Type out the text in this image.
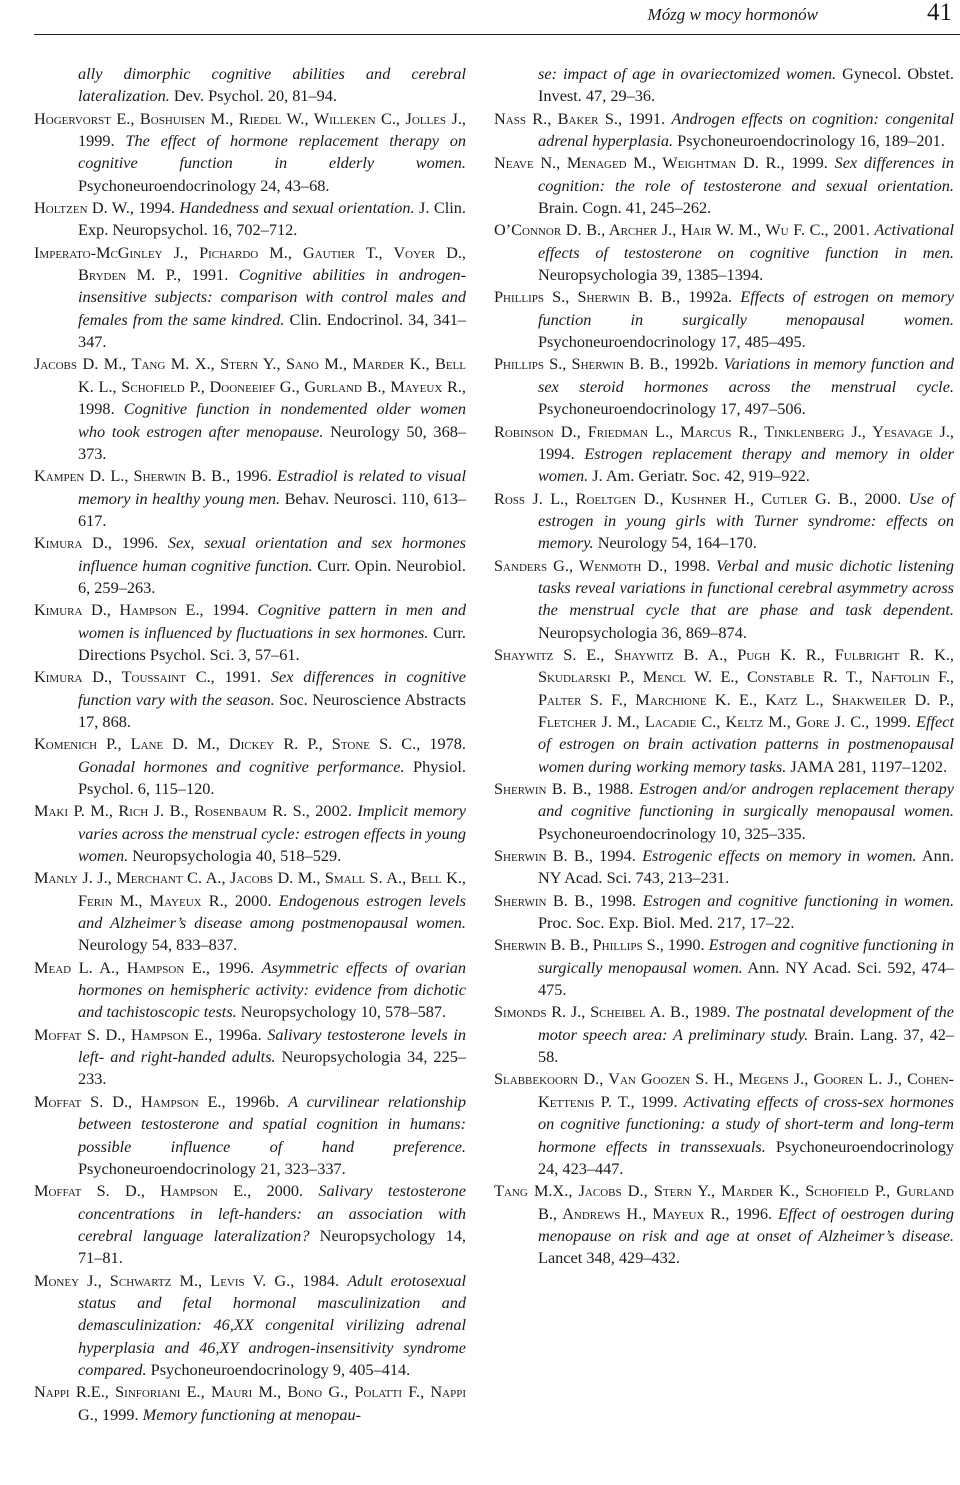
Mózg w mocy hormonów	41

ally dimorphic cognitive abilities and cerebral lateralization. Dev. Psychol. 20, 81–94.

Hogervorst E., Boshuisen M., Riedel W., Willeken C., Jolles J., 1999. The effect of hormone replacement therapy on cognitive function in elderly women. Psychoneuroendocrinology 24, 43–68.

Holtzen D. W., 1994. Handedness and sexual orientation. J. Clin. Exp. Neuropsychol. 16, 702–712.

Imperato-McGinley J., Pichardo M., Gautier T., Voyer D., Bryden M. P., 1991. Cognitive abilities in androgen-insensitive subjects: comparison with control males and females from the same kindred. Clin. Endocrinol. 34, 341–347.

Jacobs D. M., Tang M. X., Stern Y., Sano M., Marder K., Bell K. L., Schofield P., Dooneeief G., Gurland B., Mayeux R., 1998. Cognitive function in nondemented older women who took estrogen after menopause. Neurology 50, 368–373.

Kampen D. L., Sherwin B. B., 1996. Estradiol is related to visual memory in healthy young men. Behav. Neurosci. 110, 613–617.

Kimura D., 1996. Sex, sexual orientation and sex hormones influence human cognitive function. Curr. Opin. Neurobiol. 6, 259–263.

Kimura D., Hampson E., 1994. Cognitive pattern in men and women is influenced by fluctuations in sex hormones. Curr. Directions Psychol. Sci. 3, 57–61.

Kimura D., Toussaint C., 1991. Sex differences in cognitive function vary with the season. Soc. Neuroscience Abstracts 17, 868.

Komenich P., Lane D. M., Dickey R. P., Stone S. C., 1978. Gonadal hormones and cognitive performance. Physiol. Psychol. 6, 115–120.

Maki P. M., Rich J. B., Rosenbaum R. S., 2002. Implicit memory varies across the menstrual cycle: estrogen effects in young women. Neuropsychologia 40, 518–529.

Manly J. J., Merchant C. A., Jacobs D. M., Small S. A., Bell K., Ferin M., Mayeux R., 2000. Endogenous estrogen levels and Alzheimer’s disease among postmenopausal women. Neurology 54, 833–837.

Mead L. A., Hampson E., 1996. Asymmetric effects of ovarian hormones on hemispheric activity: evidence from dichotic and tachistoscopic tests. Neuropsychology 10, 578–587.

Moffat S. D., Hampson E., 1996a. Salivary testosterone levels in left- and right-handed adults. Neuropsychologia 34, 225–233.

Moffat S. D., Hampson E., 1996b. A curvilinear relationship between testosterone and spatial cognition in humans: possible influence of hand preference. Psychoneuroendocrinology 21, 323–337.

Moffat S. D., Hampson E., 2000. Salivary testosterone concentrations in left-handers: an association with cerebral language lateralization? Neuropsychology 14, 71–81.

Money J., Schwartz M., Levis V. G., 1984. Adult erotosexual status and fetal hormonal masculinization and demasculinization: 46,XX congenital virilizing adrenal hyperplasia and 46,XY androgen-insensitivity syndrome compared. Psychoneuroendocrinology 9, 405–414.

Nappi R.E., Sinforiani E., Mauri M., Bono G., Polatti F., Nappi G., 1999. Memory functioning at menopau-

se: impact of age in ovariectomized women. Gynecol. Obstet. Invest. 47, 29–36.

Nass R., Baker S., 1991. Androgen effects on cognition: congenital adrenal hyperplasia. Psychoneuroendocrinology 16, 189–201.

Neave N., Menaged M., Weightman D. R., 1999. Sex differences in cognition: the role of testosterone and sexual orientation. Brain. Cogn. 41, 245–262.

O’Connor D. B., Archer J., Hair W. M., Wu F. C., 2001. Activational effects of testosterone on cognitive function in men. Neuropsychologia 39, 1385–1394.

Phillips S., Sherwin B. B., 1992a. Effects of estrogen on memory function in surgically menopausal women. Psychoneuroendocrinology 17, 485–495.

Phillips S., Sherwin B. B., 1992b. Variations in memory function and sex steroid hormones across the menstrual cycle. Psychoneuroendocrinology 17, 497–506.

Robinson D., Friedman L., Marcus R., Tinklenberg J., Yesavage J., 1994. Estrogen replacement therapy and memory in older women. J. Am. Geriatr. Soc. 42, 919–922.

Ross J. L., Roeltgen D., Kushner H., Cutler G. B., 2000. Use of estrogen in young girls with Turner syndrome: effects on memory. Neurology 54, 164–170.

Sanders G., Wenmoth D., 1998. Verbal and music dichotic listening tasks reveal variations in functional cerebral asymmetry across the menstrual cycle that are phase and task dependent. Neuropsychologia 36, 869–874.

Shaywitz S. E., Shaywitz B. A., Pugh K. R., Fulbright R. K., Skudlarski P., Mencl W. E., Constable R. T., Naftolin F., Palter S. F., Marchione K. E., Katz L., Shakweiler D. P., Fletcher J. M., Lacadie C., Keltz M., Gore J. C., 1999. Effect of estrogen on brain activation patterns in postmenopausal women during working memory tasks. JAMA 281, 1197–1202.

Sherwin B. B., 1988. Estrogen and/or androgen replacement therapy and cognitive functioning in surgically menopausal women. Psychoneuroendocrinology 10, 325–335.

Sherwin B. B., 1994. Estrogenic effects on memory in women. Ann. NY Acad. Sci. 743, 213–231.

Sherwin B. B., 1998. Estrogen and cognitive functioning in women. Proc. Soc. Exp. Biol. Med. 217, 17–22.

Sherwin B. B., Phillips S., 1990. Estrogen and cognitive functioning in surgically menopausal women. Ann. NY Acad. Sci. 592, 474–475.

Simonds R. J., Scheibel A. B., 1989. The postnatal development of the motor speech area: A preliminary study. Brain. Lang. 37, 42–58.

Slabbekoorn D., Van Goozen S. H., Megens J., Gooren L. J., Cohen-Kettenis P. T., 1999. Activating effects of cross-sex hormones on cognitive functioning: a study of short-term and long-term hormone effects in transsexuals. Psychoneuroendocrinology 24, 423–447.

Tang M.X., Jacobs D., Stern Y., Marder K., Schofield P., Gurland B., Andrews H., Mayeux R., 1996. Effect of oestrogen during menopause on risk and age at onset of Alzheimer’s disease. Lancet 348, 429–432.
